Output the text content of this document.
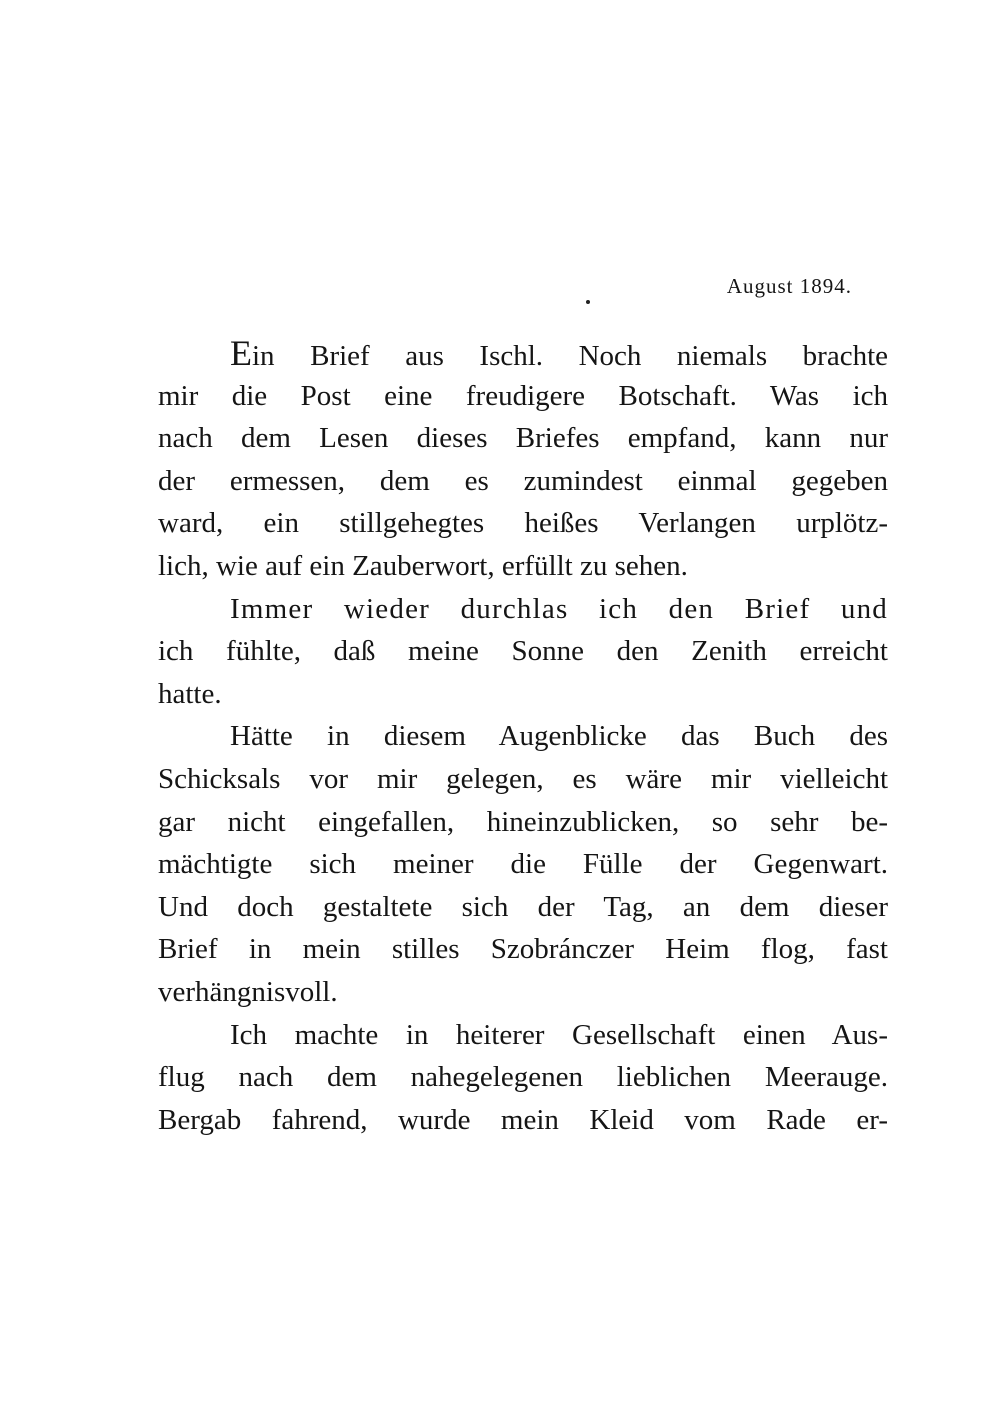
August 1894.
Ein Brief aus Ischl. Noch niemals brachte
mir die Post eine freudigere Botschaft. Was ich
nach dem Lesen dieses Briefes empfand, kann nur
der ermessen, dem es zumindest einmal gegeben
ward, ein stillgehegtes heißes Verlangen urplötz-
lich, wie auf ein Zauberwort, erfüllt zu sehen.
Immer wieder durchlas ich den Brief und
ich fühlte, daß meine Sonne den Zenith erreicht
hatte.
Hätte in diesem Augenblicke das Buch des
Schicksals vor mir gelegen, es wäre mir vielleicht
gar nicht eingefallen, hineinzublicken, so sehr be-
mächtigte sich meiner die Fülle der Gegenwart.
Und doch gestaltete sich der Tag, an dem dieser
Brief in mein stilles Szobránczer Heim flog, fast
verhängnisvoll.
Ich machte in heiterer Gesellschaft einen Aus-
flug nach dem nahegelegenen lieblichen Meerauge.
Bergab fahrend, wurde mein Kleid vom Rade er-
